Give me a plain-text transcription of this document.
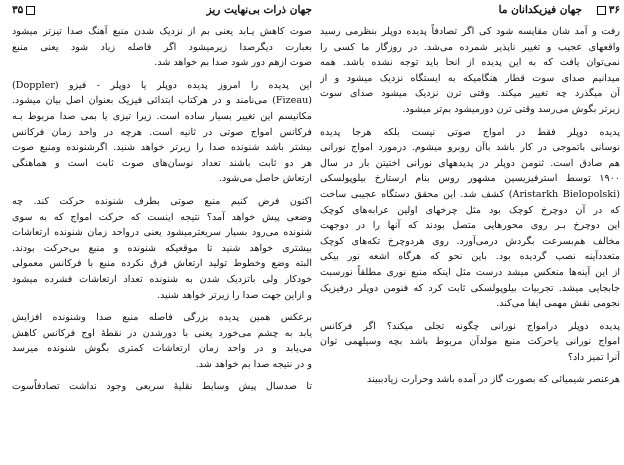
۳۶
جهان فیزیکدانان ما
رفت و آمد شان مقایسه شود کی اگر تصادفاً پدیده دوپلر بنظرمی رسید
واقعهای عجیب و تغییر ناپذیر شمرده می‌شد. در روزگار ما کسی را
نمی‌توان یافت که به این پدیده از انحا باید توجه نشده باشد. همه
میدانیم صدای سوت قطار هنگامیکه به ایستگاه نزدیک میشود و از
آن میگذرد چه تغییر میکند. وقتی ترن نزدیک میشود صدای سوت
زیرتر بگوش می‌رسد وقتی ترن دورمیشود بم‌تر میشود.
پدیده دوپلر فقط در امواج صوتی نیست بلکه هرجا پدیده
نوسانی باتموجی در کار باشد باآن روبرو میشوم. درمورد امواج نورانی
هم صادق است. ثنومن دوپلر در پدیدههای نورانی اختیتن بار در سال
۱۹۰۰ توسط استرفیزیسین مشهور روس بنام ارستارخ بیلوپولسکی
(Aristarkh Bielopolski) کشف شد. این محقق دستگاه عجیبی ساخت
که در آن دوچرخ کوچک بود مثل چرخهای اولین عرابه‌های کوچک
این دوچرخ بـر روی محورهایی متصل بودند که آنها را در دوجهت
مخالف هم‌بسرعت بگردش درمی‌آورد. روی هردوچرخ تکه‌های کوچک
متعددآینه نصب گردیده بود. باین نحو که هرگاه اشعه نور بیکی
از این آینه‌ها منعکس میشد درست مثل اینکه منبع نوری مطلقاً نورسبت
جابجایی میشد. تجربیات بیلوپولسکی ثابت کرد که فنومن دوپلر درفیزیک
نجومی نقش مهمی ایفا می‌کند.
پدیده دوپلر درامواج نورانی چگونه تجلی میکند؟ اگر فرکانس
امواج نورانی یاحرکت منبع مولدآن مربوط باشد بچه وسیلهمی توان
آنرا تمیز داد؟
هرعنصر شیمیائی که بصورت گاز در آمده باشد وحرارت زیادببیند
جهان ذرات بی‌نهایت ریز
۳۵
صوت کاهش یـابد یعنی بم از نزدیک شدن منبع آهنگ صدا تیزتر میشود
بعبارت دیگرصدا زیرمیشود اگر فاصله زیاد شود یعنی منبع
صوت ازهم دور شود صدا بم خواهد شد.
این پدیده را امروز پدیده دوپلر یا دوپلر - فیزو (Doppler)
(Fizeau) می‌نامند و در هرکتاب ابتدائی فیزیک بعنوان اصل بیان میشود.
مکانیسم این تغییر بسیار ساده است. زیرا تیزی یا بمی صدا مربوط بـه
فرکانس امواج صوتی در ثانیه است. هرچه در واحد زمان فرکانس
بیشتر باشد شنونده صدا را زیرتر خواهد شنید. اگرشنونده ومنبع صوت
هر دو ثابت باشند تعداد نوسان‌های صوت ثابت است و هماهنگی
ارتعاش حاصل می‌شود.
اکنون فرض کنیم منبع صوتی بطرف شنونده حرکت کند. چه
وضعی پیش خواهد آمد؟ نتیجه اینست که حرکت امواج که به سوی
شنونده می‌رود بسیار سریعترمیشود یعنی درواحد زمان شنونده ارتعاشات
بیشتری خواهد شنید تا موقعیکه شنونده و منبع بی‌حرکت بودند.
البته وضع وخطوط تولید ارتعاش فرق نکرده منبع با فرکانس معمولی
خودکار ولی باتزدیک شدن به شنونده تعداد ارتعاشات فشرده میشود
و ازاین جهت صدا را زیرتر خواهد شنید.
برعکس همین پدیده بزرگی فاصله منبع صدا وشنونده افزایش
یابد به چشم می‌خورد یعنی با دورشدن در نقطهٔ اوج فرکانس کاهش
می‌یابد و در واحد زمان ارتعاشات کمتری بگوش شنونده میرسد
و در نتیجه صدا بم خواهد شد.
تا صدسال پیش وسایط نقلیهٔ سریعی وجود نداشت تصادفاًسوت
